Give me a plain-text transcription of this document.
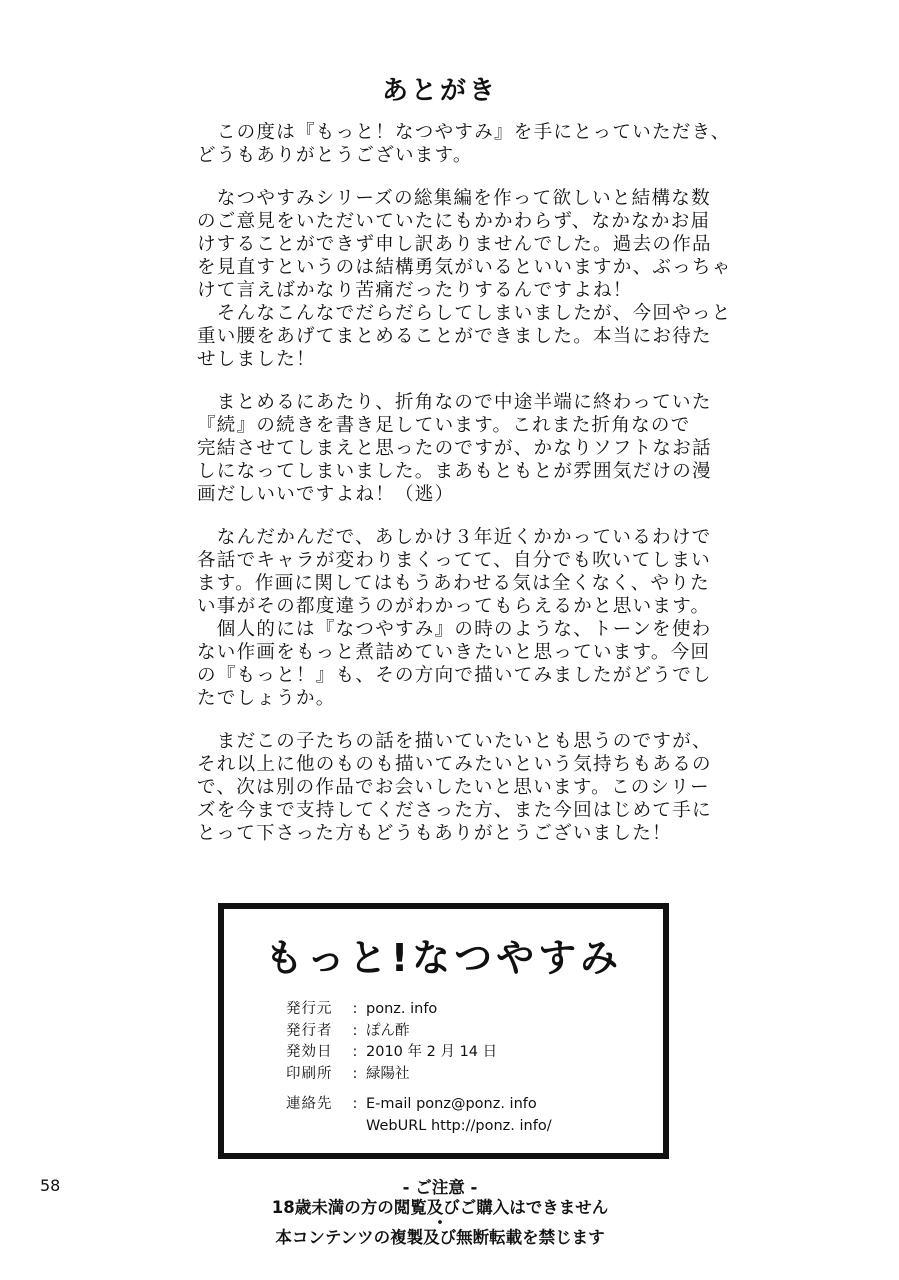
あとがき
　この度は『もっと！なつやすみ』を手にとっていただき、
どうもありがとうございます。
　なつやすみシリーズの総集編を作って欲しいと結構な数
のご意見をいただいていたにもかかわらず、なかなかお届
けすることができず申し訳ありませんでした。過去の作品
を見直すというのは結構勇気がいるといいますか、ぶっちゃ
けて言えばかなり苦痛だったりするんですよね！
　そんなこんなでだらだらしてしまいましたが、今回やっと
重い腰をあげてまとめることができました。本当にお待た
せしました！
　まとめるにあたり、折角なので中途半端に終わっていた
『続』の続きを書き足しています。これまた折角なので
完結させてしまえと思ったのですが、かなりソフトなお話
しになってしまいました。まあもともとが雰囲気だけの漫
画だしいいですよね！（逃）
　なんだかんだで、あしかけ３年近くかかっているわけで
各話でキャラが変わりまくってて、自分でも吹いてしまい
ます。作画に関してはもうあわせる気は全くなく、やりた
い事がその都度違うのがわかってもらえるかと思います。
　個人的には『なつやすみ』の時のような、トーンを使わ
ない作画をもっと煮詰めていきたいと思っています。今回
の『もっと！』も、その方向で描いてみましたがどうでし
たでしょうか。
　まだこの子たちの話を描いていたいとも思うのですが、
それ以上に他のものも描いてみたいという気持ちもあるの
で、次は別の作品でお会いしたいと思います。このシリー
ズを今まで支持してくださった方、また今回はじめて手に
とって下さった方もどうもありがとうございました！
もっと!なつやすみ
発行元	: ponz. info
発行者	: ぽん酢
発効日	: 2010 年 2 月 14 日
印刷所	: 緑陽社
連絡先	: E-mail ponz@ponz. info
WebURL http://ponz. info/
58	- ご注意 -
18歳未満の方の閲覧及びご購入はできません
・
本コンテンツの複製及び無断転載を禁じます
